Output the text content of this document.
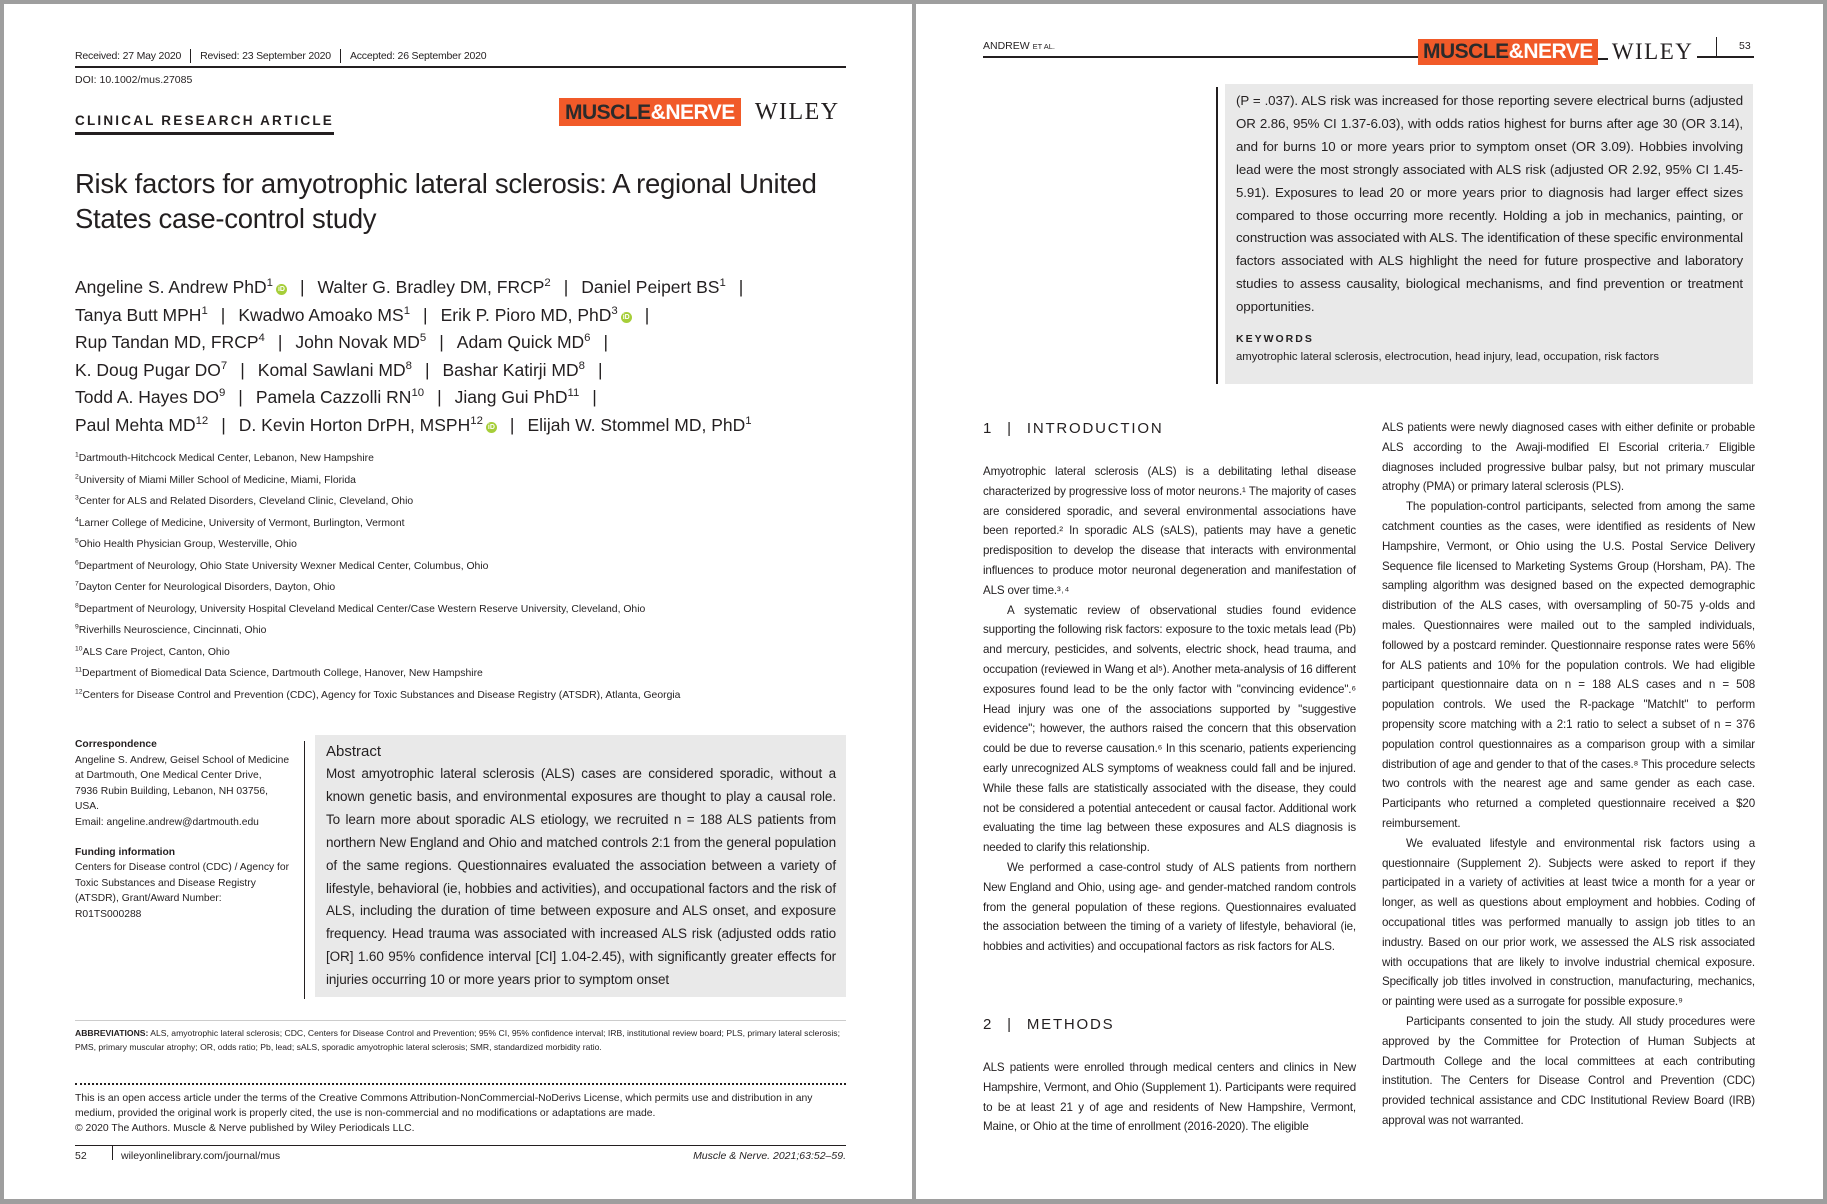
Received: 27 May 2020	Revised: 23 September 2020	Accepted: 26 September 2020
DOI: 10.1002/mus.27085
CLINICAL RESEARCH ARTICLE	MUSCLE&NERVE WILEY
Risk factors for amyotrophic lateral sclerosis: A regional United States case-control study
Angeline S. Andrew PhD$^1$iD | Walter G. Bradley DM, FRCP$^2$ | Daniel Peipert $BS^1$ |
Tanya Butt MPH$^1$ | Kwadwo Amoako $MS^1$ | Erik P. Pioro MD, PhD$^3$iD |
Rup Tandan MD, FRCP$^4$ | John Novak $MD^5$ | Adam Quick $MD^6$ |
K. Doug Pugar $DO^7$ | Komal Sawlani $MD^8$ | Bashar Katirji $MD^8$ |
Todd A. Hayes $DO^9$ | Pamela Cazzolli RN$^{10}$ | Jiang Gui PhD$^{11}$ |
Paul Mehta MD$^{12}$ | D. Kevin Horton DrPH, MSPH$^{12}$iD | Elijah W. Stommel MD, PhD$^1$
$^1$Dartmouth-Hitchcock Medical Center, Lebanon, New Hampshire
$^2$University of Miami Miller School of Medicine, Miami, Florida
$^3$Center for ALS and Related Disorders, Cleveland Clinic, Cleveland, Ohio
$^4$Larner College of Medicine, University of Vermont, Burlington, Vermont
$^5$Ohio Health Physician Group, Westerville, Ohio
$^6$Department of Neurology, Ohio State University Wexner Medical Center, Columbus, Ohio
$^7$Dayton Center for Neurological Disorders, Dayton, Ohio
$^8$Department of Neurology, University Hospital Cleveland Medical Center/Case Western Reserve University, Cleveland, Ohio
$^9$Riverhills Neuroscience, Cincinnati, Ohio
$^{10}$ALS Care Project, Canton, Ohio
$^{11}$Department of Biomedical Data Science, Dartmouth College, Hanover, New Hampshire
$^{12}$Centers for Disease Control and Prevention (CDC), Agency for Toxic Substances and Disease Registry (ATSDR), Atlanta, Georgia
Correspondence
Angeline S. Andrew, Geisel School of Medicine
at Dartmouth, One Medical Center Drive,
7936 Rubin Building, Lebanon, NH 03756,
USA.
Email: angeline.andrew@dartmouth.edu
Funding information
Centers for Disease control (CDC) / Agency for
Toxic Substances and Disease Registry
(ATSDR), Grant/Award Number:
R01TS000288
Abstract
Most amyotrophic lateral sclerosis (ALS) cases are considered sporadic, without a known genetic basis, and environmental exposures are thought to play a causal role. To learn more about sporadic ALS etiology, we recruited n = 188 ALS patients from northern New England and Ohio and matched controls 2:1 from the general population of the same regions. Questionnaires evaluated the association between a variety of lifestyle, behavioral (ie, hobbies and activities), and occupational factors and the risk of ALS, including the duration of time between exposure and ALS onset, and exposure frequency. Head trauma was associated with increased ALS risk (adjusted odds ratio [OR] 1.60 95% confidence interval [CI] 1.04-2.45), with significantly greater effects for injuries occurring 10 or more years prior to symptom onset
ABBREVIATIONS: ALS, amyotrophic lateral sclerosis; CDC, Centers for Disease Control and Prevention; 95% CI, 95% confidence interval; IRB, institutional review board; PLS, primary lateral sclerosis; PMS, primary muscular atrophy; OR, odds ratio; Pb, lead; sALS, sporadic amyotrophic lateral sclerosis; SMR, standardized morbidity ratio.
This is an open access article under the terms of the Creative Commons Attribution-NonCommercial-NoDerivs License, which permits use and distribution in any medium, provided the original work is properly cited, the use is non-commercial and no modifications or adaptations are made.
© 2020 The Authors. Muscle & Nerve published by Wiley Periodicals LLC.
52	wileyonlinelibrary.com/journal/mus	Muscle & Nerve. 2021;63:52–59.
ANDREW ET AL.	MUSCLE&NERVE WILEY	53
(P = .037). ALS risk was increased for those reporting severe electrical burns (adjusted OR 2.86, 95% CI 1.37-6.03), with odds ratios highest for burns after age 30 (OR 3.14), and for burns 10 or more years prior to symptom onset (OR 3.09). Hobbies involving lead were the most strongly associated with ALS risk (adjusted OR 2.92, 95% CI 1.45-5.91). Exposures to lead 20 or more years prior to diagnosis had larger effect sizes compared to those occurring more recently. Holding a job in mechanics, painting, or construction was associated with ALS. The identification of these specific environmental factors associated with ALS highlight the need for future prospective and laboratory studies to assess causality, biological mechanisms, and find prevention or treatment opportunities.
KEYWORDS
amyotrophic lateral sclerosis, electrocution, head injury, lead, occupation, risk factors
1 | INTRODUCTION

Amyotrophic lateral sclerosis (ALS) is a debilitating lethal disease characterized by progressive loss of motor neurons.¹ The majority of cases are considered sporadic, and several environmental associations have been reported.² In sporadic ALS (sALS), patients may have a genetic predisposition to develop the disease that interacts with environmental influences to produce motor neuronal degeneration and manifestation of ALS over time.³˒⁴

A systematic review of observational studies found evidence supporting the following risk factors: exposure to the toxic metals lead (Pb) and mercury, pesticides, and solvents, electric shock, head trauma, and occupation (reviewed in Wang et al⁵). Another meta-analysis of 16 different exposures found lead to be the only factor with "convincing evidence".⁶ Head injury was one of the associations supported by "suggestive evidence"; however, the authors raised the concern that this observation could be due to reverse causation.⁶ In this scenario, patients experiencing early unrecognized ALS symptoms of weakness could fall and be injured. While these falls are statistically associated with the disease, they could not be considered a potential antecedent or causal factor. Additional work evaluating the time lag between these exposures and ALS diagnosis is needed to clarify this relationship.

We performed a case-control study of ALS patients from northern New England and Ohio, using age- and gender-matched random controls from the general population of these regions. Questionnaires evaluated the association between the timing of a variety of lifestyle, behavioral (ie, hobbies and activities) and occupational factors as risk factors for ALS.

2 | METHODS

ALS patients were enrolled through medical centers and clinics in New Hampshire, Vermont, and Ohio (Supplement 1). Participants were required to be at least 21 y of age and residents of New Hampshire, Vermont, Maine, or Ohio at the time of enrollment (2016-2020). The eligible

ALS patients were newly diagnosed cases with either definite or probable ALS according to the Awaji-modified El Escorial criteria.⁷ Eligible diagnoses included progressive bulbar palsy, but not primary muscular atrophy (PMA) or primary lateral sclerosis (PLS).

The population-control participants, selected from among the same catchment counties as the cases, were identified as residents of New Hampshire, Vermont, or Ohio using the U.S. Postal Service Delivery Sequence file licensed to Marketing Systems Group (Horsham, PA). The sampling algorithm was designed based on the expected demographic distribution of the ALS cases, with oversampling of 50-75 y-olds and males. Questionnaires were mailed out to the sampled individuals, followed by a postcard reminder. Questionnaire response rates were 56% for ALS patients and 10% for the population controls. We had eligible participant questionnaire data on n = 188 ALS cases and n = 508 population controls. We used the R-package "MatchIt" to perform propensity score matching with a 2:1 ratio to select a subset of n = 376 population control questionnaires as a comparison group with a similar distribution of age and gender to that of the cases.⁸ This procedure selects two controls with the nearest age and same gender as each case. Participants who returned a completed questionnaire received a $20 reimbursement.

We evaluated lifestyle and environmental risk factors using a questionnaire (Supplement 2). Subjects were asked to report if they participated in a variety of activities at least twice a month for a year or longer, as well as questions about employment and hobbies. Coding of occupational titles was performed manually to assign job titles to an industry. Based on our prior work, we assessed the ALS risk associated with occupations that are likely to involve industrial chemical exposure. Specifically job titles involved in construction, manufacturing, mechanics, or painting were used as a surrogate for possible exposure.⁹

Participants consented to join the study. All study procedures were approved by the Committee for Protection of Human Subjects at Dartmouth College and the local committees at each contributing institution. The Centers for Disease Control and Prevention (CDC) provided technical assistance and CDC Institutional Review Board (IRB) approval was not warranted.
